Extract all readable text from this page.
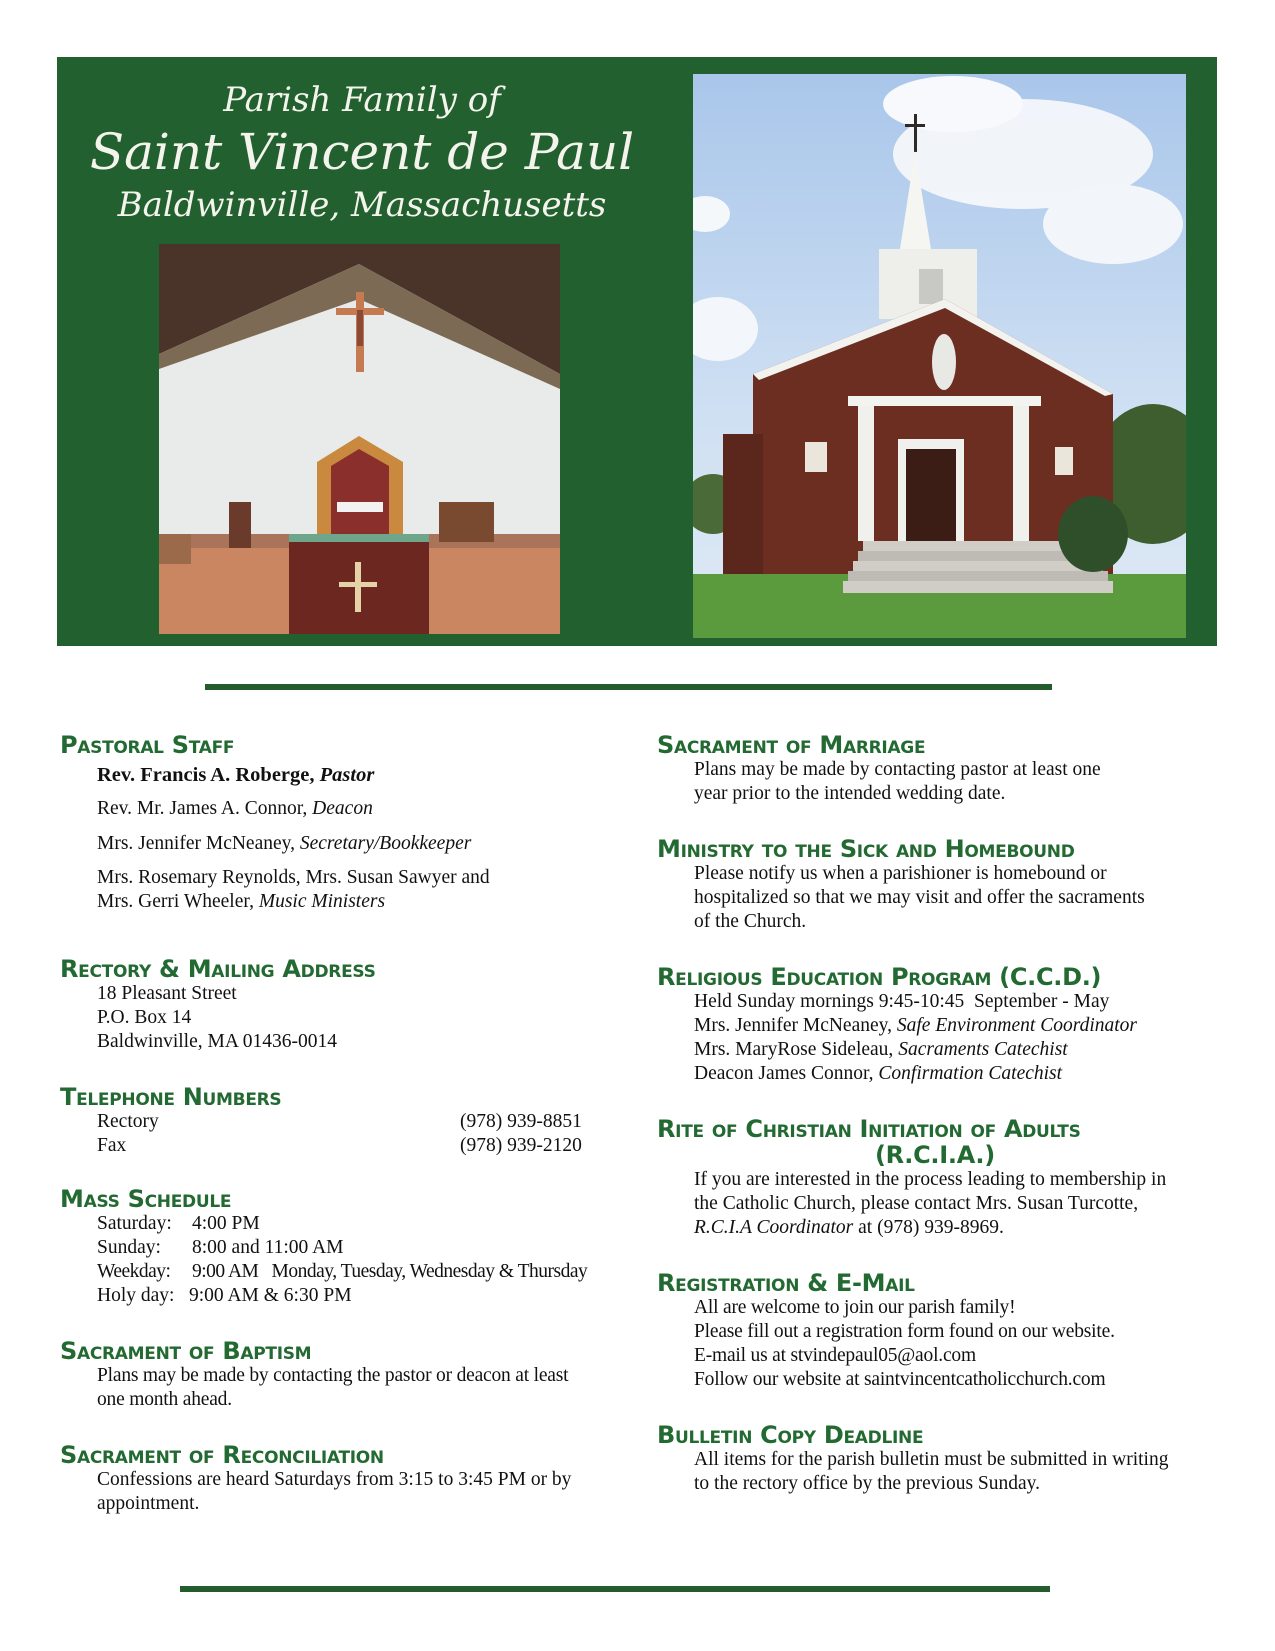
Parish Family of
Saint Vincent de Paul
Baldwinville, Massachusetts
Pastoral Staff
Rev. Francis A. Roberge, Pastor
Rev. Mr. James A. Connor, Deacon
Mrs. Jennifer McNeaney, Secretary/Bookkeeper
Mrs. Rosemary Reynolds, Mrs. Susan Sawyer and
Mrs. Gerri Wheeler, Music Ministers
Rectory & Mailing Address
18 Pleasant Street
P.O. Box 14
Baldwinville, MA 01436-0014
Telephone Numbers
Rectory	(978) 939-8851
Fax	(978) 939-2120
Mass Schedule
Saturday: 4:00 PM
Sunday: 8:00 and 11:00 AM
Weekday: 9:00 AM   Monday, Tuesday, Wednesday & Thursday
Holy day: 9:00 AM & 6:30 PM
Sacrament of Baptism
Plans may be made by contacting the pastor or deacon at least
one month ahead.
Sacrament of Reconciliation
Confessions are heard Saturdays from 3:15 to 3:45 PM or by
appointment.
Sacrament of Marriage
Plans may be made by contacting pastor at least one
year prior to the intended wedding date.
Ministry to the Sick and Homebound
Please notify us when a parishioner is homebound or
hospitalized so that we may visit and offer the sacraments
of the Church.
Religious Education Program (C.C.D.)
Held Sunday mornings 9:45-10:45  September - May
Mrs. Jennifer McNeaney, Safe Environment Coordinator
Mrs. MaryRose Sideleau, Sacraments Catechist
Deacon James Connor, Confirmation Catechist
Rite of Christian Initiation of Adults
(R.C.I.A.)
If you are interested in the process leading to membership in
the Catholic Church, please contact Mrs. Susan Turcotte,
R.C.I.A Coordinator at (978) 939-8969.
Registration & E-Mail
All are welcome to join our parish family!
Please fill out a registration form found on our website.
E-mail us at stvindepaul05@aol.com
Follow our website at saintvincentcatholicchurch.com
Bulletin Copy Deadline
All items for the parish bulletin must be submitted in writing
to the rectory office by the previous Sunday.
